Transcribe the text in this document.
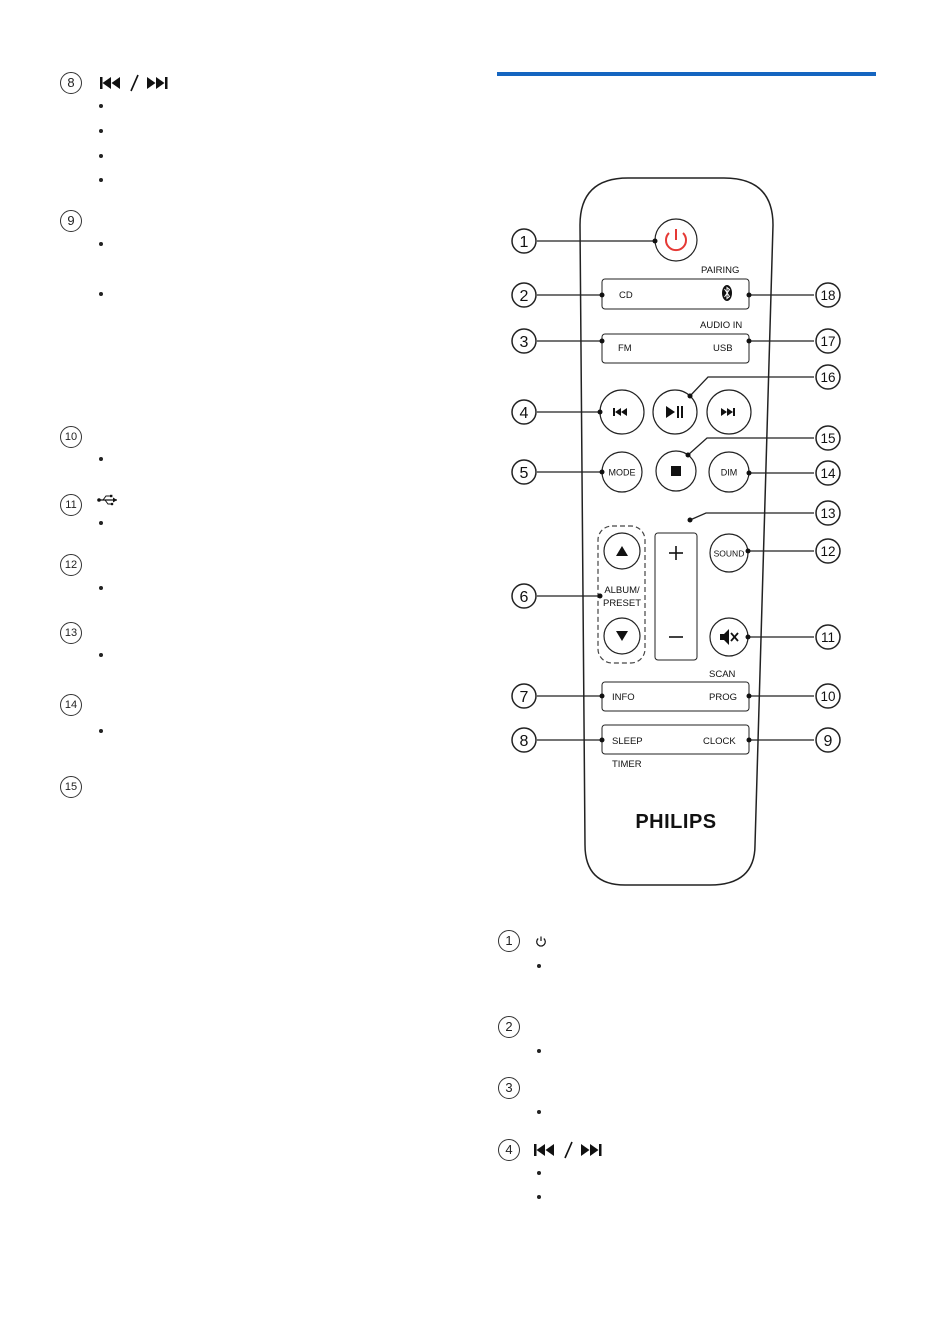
8
9
10
11
12
13
14
15
PAIRING
CD
AUDIO IN
FM	USB
MODE	DIM
ALBUM/
PRESET
SOUND
SCAN
INFO	PROG
SLEEP	CLOCK
TIMER
PHILIPS
1
2
3
4
5
6
7
8
18
17
16
15
14
13
12
11
10
9
1
2
3
4
